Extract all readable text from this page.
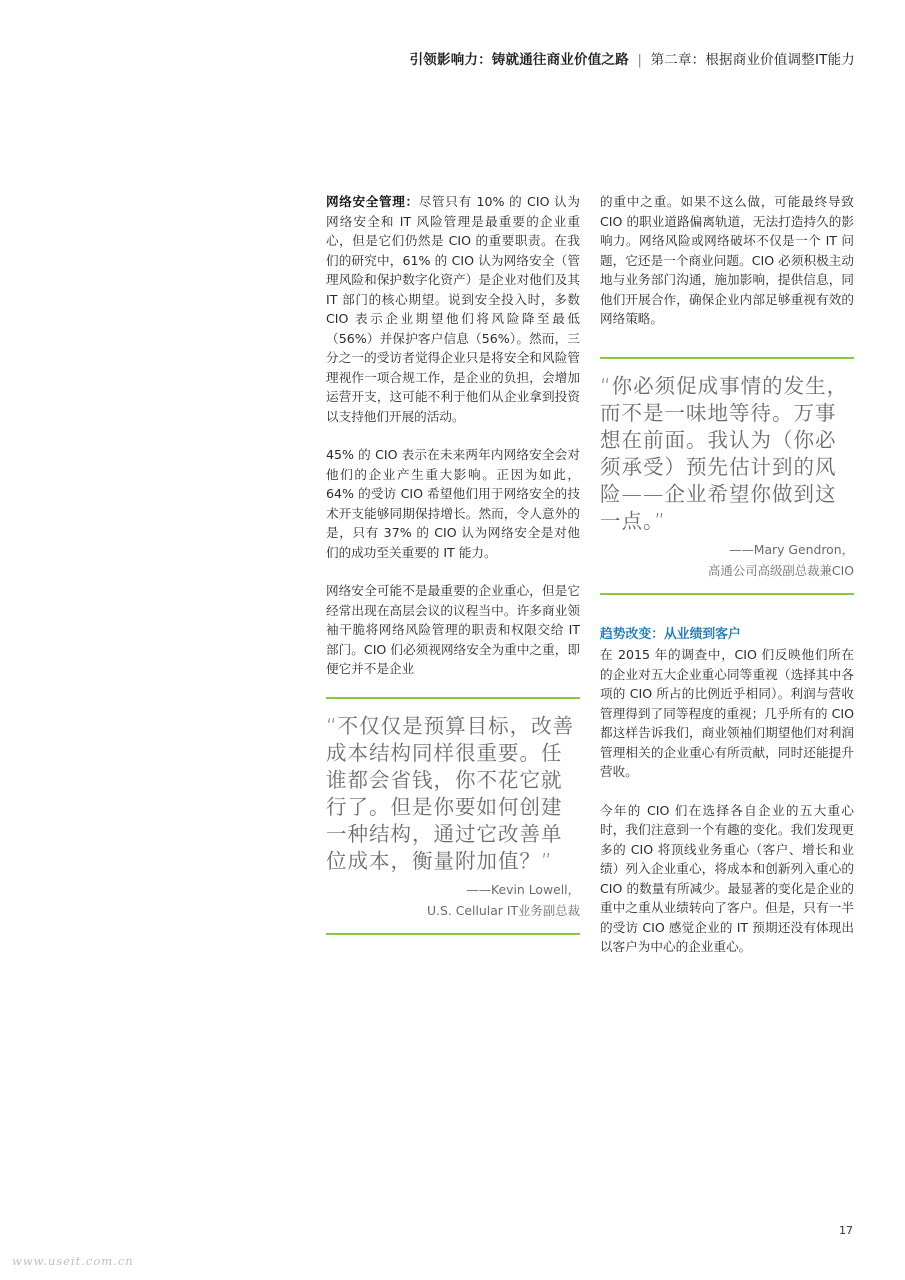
引领影响力：铸就通往商业价值之路 | 第二章：根据商业价值调整IT能力

网络安全管理：尽管只有 10% 的 CIO 认为网络安全和 IT 风险管理是最重要的企业重心，但是它们仍然是 CIO 的重要职责。在我们的研究中，61% 的 CIO 认为网络安全（管理风险和保护数字化资产）是企业对他们及其 IT 部门的核心期望。说到安全投入时，多数 CIO 表示企业期望他们将风险降至最低（56%）并保护客户信息（56%）。然而，三分之一的受访者觉得企业只是将安全和风险管理视作一项合规工作，是企业的负担，会增加运营开支，这可能不利于他们从企业拿到投资以支持他们开展的活动。

45% 的 CIO 表示在未来两年内网络安全会对他们的企业产生重大影响。正因为如此，64% 的受访 CIO 希望他们用于网络安全的技术开支能够同期保持增长。然而，令人意外的是，只有 37% 的 CIO 认为网络安全是对他们的成功至关重要的 IT 能力。

网络安全可能不是最重要的企业重心，但是它经常出现在高层会议的议程当中。许多商业领袖干脆将网络风险管理的职责和权限交给 IT 部门。CIO 们必须视网络安全为重中之重，即便它并不是企业

“不仅仅是预算目标，改善成本结构同样很重要。任谁都会省钱，你不花它就行了。但是你要如何创建一种结构，通过它改善单位成本，衡量附加值？”

——Kevin Lowell，
U.S. Cellular IT业务副总裁

的重中之重。如果不这么做，可能最终导致 CIO 的职业道路偏离轨道，无法打造持久的影响力。网络风险或网络破坏不仅是一个 IT 问题，它还是一个商业问题。CIO 必须积极主动地与业务部门沟通，施加影响，提供信息，同他们开展合作，确保企业内部足够重视有效的网络策略。

“你必须促成事情的发生，而不是一味地等待。万事想在前面。我认为（你必须承受）预先估计到的风险——企业希望你做到这一点。”

——Mary Gendron，
高通公司高级副总裁兼CIO

趋势改变：从业绩到客户

在 2015 年的调查中，CIO 们反映他们所在的企业对五大企业重心同等重视（选择其中各项的 CIO 所占的比例近乎相同）。利润与营收管理得到了同等程度的重视；几乎所有的 CIO 都这样告诉我们，商业领袖们期望他们对利润管理相关的企业重心有所贡献，同时还能提升营收。

今年的 CIO 们在选择各自企业的五大重心时，我们注意到一个有趣的变化。我们发现更多的 CIO 将顶线业务重心（客户、增长和业绩）列入企业重心，将成本和创新列入重心的 CIO 的数量有所减少。最显著的变化是企业的重中之重从业绩转向了客户。但是，只有一半的受访 CIO 感觉企业的 IT 预期还没有体现出以客户为中心的企业重心。

17
www.useit.com.cn
